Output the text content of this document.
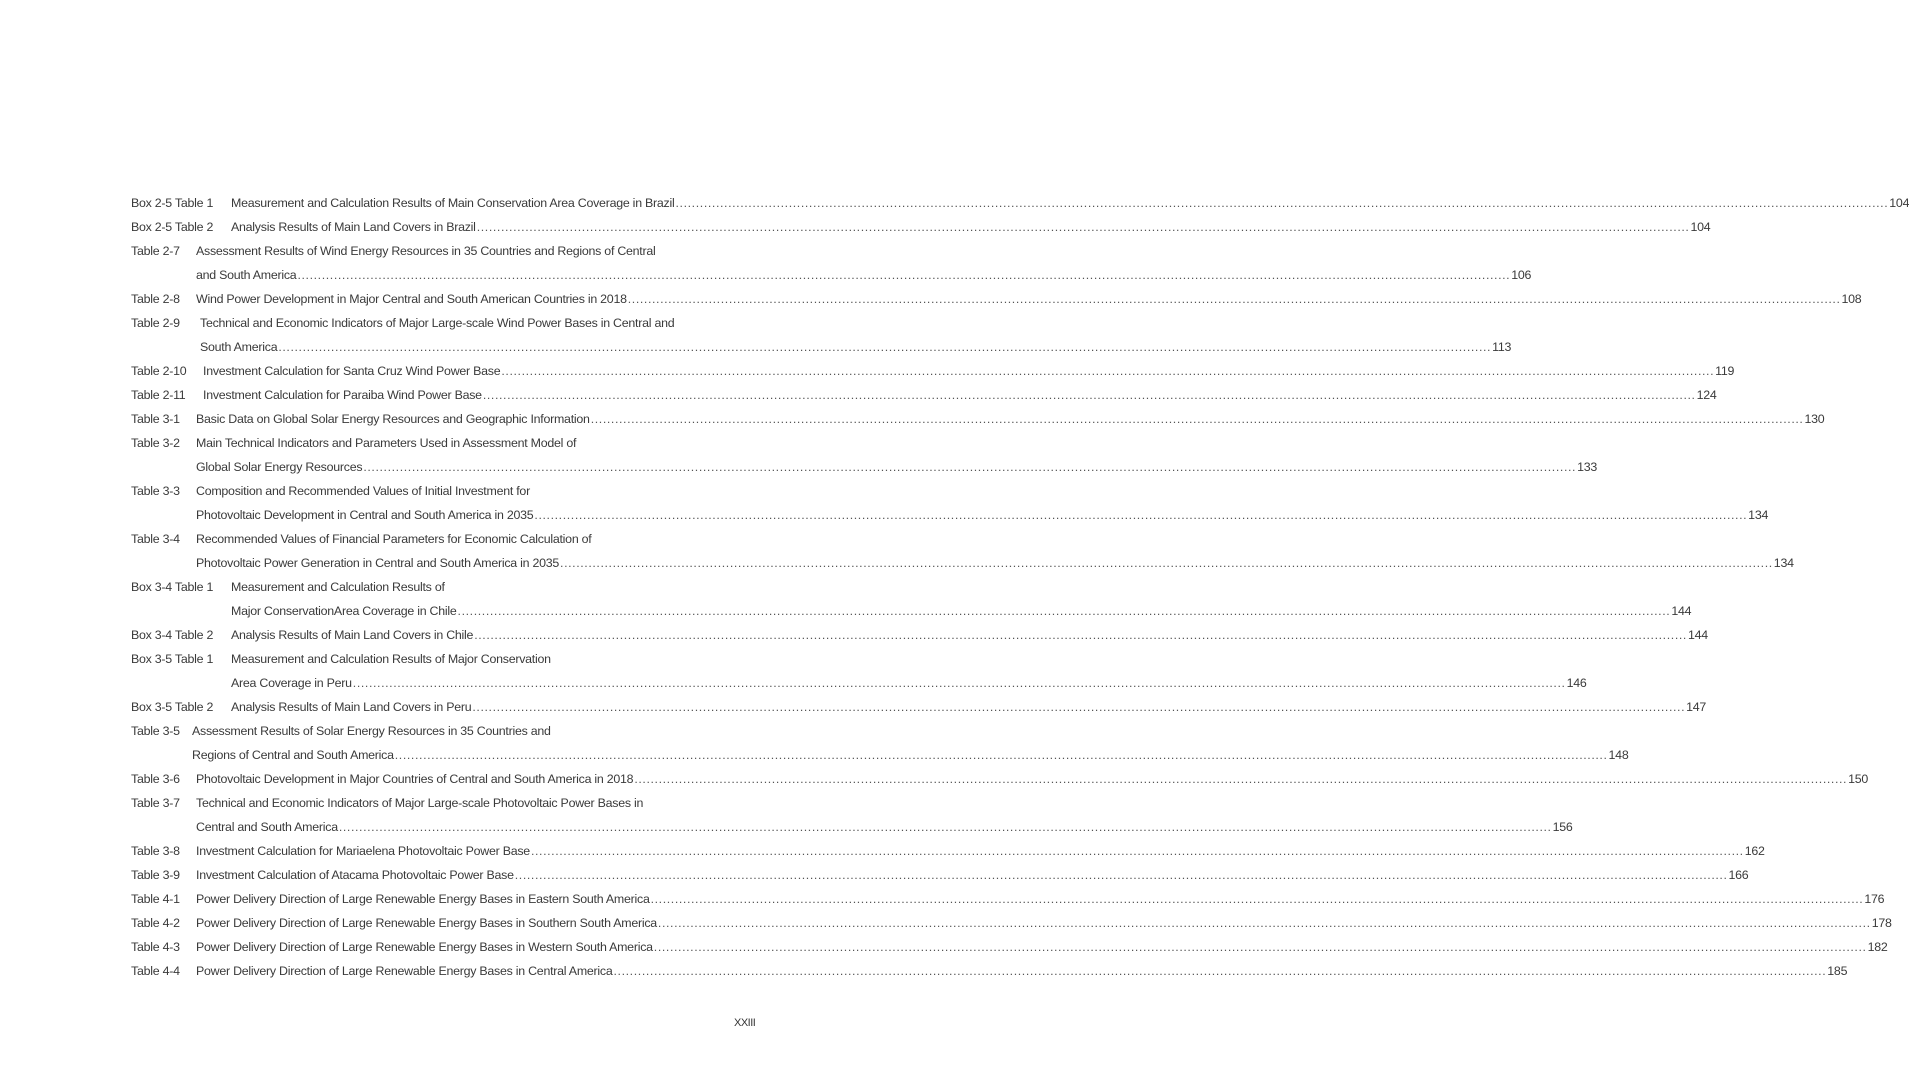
Box 2-5 Table 1	Measurement and Calculation Results of Main Conservation Area Coverage in Brazil ............................................................................................................................................................................................................................................................................................................ 104
Box 2-5 Table 2	Analysis Results of Main Land Covers in Brazil ............................................................................................................................................................................................................................................................................................................ 104
Table 2-7	Assessment Results of Wind Energy Resources in 35 Countries and Regions of Central
and South America ............................................................................................................................................................................................................................................................................................................ 106
Table 2-8	Wind Power Development in Major Central and South American Countries in 2018 ............................................................................................................................................................................................................................................................................................................ 108
Table 2-9	Technical and Economic Indicators of Major Large-scale Wind Power Bases in Central and
South America ............................................................................................................................................................................................................................................................................................................ 113
Table 2-10	Investment Calculation for Santa Cruz Wind Power Base ............................................................................................................................................................................................................................................................................................................ 119
Table 2-11	Investment Calculation for Paraiba Wind Power Base ............................................................................................................................................................................................................................................................................................................ 124
Table 3-1	Basic Data on Global Solar Energy Resources and Geographic Information ............................................................................................................................................................................................................................................................................................................ 130
Table 3-2	Main Technical Indicators and Parameters Used in Assessment Model of
Global Solar Energy Resources ............................................................................................................................................................................................................................................................................................................ 133
Table 3-3	Composition and Recommended Values of Initial Investment for
Photovoltaic Development in Central and South America in 2035 ............................................................................................................................................................................................................................................................................................................ 134
Table 3-4	Recommended Values of Financial Parameters for Economic Calculation of
Photovoltaic Power Generation in Central and South America in 2035 ............................................................................................................................................................................................................................................................................................................ 134
Box 3-4 Table 1	Measurement and Calculation Results of
Major ConservationArea Coverage in Chile ............................................................................................................................................................................................................................................................................................................ 144
Box 3-4 Table 2	Analysis Results of Main Land Covers in Chile ............................................................................................................................................................................................................................................................................................................ 144
Box 3-5 Table 1	Measurement and Calculation Results of Major Conservation
Area Coverage in Peru ............................................................................................................................................................................................................................................................................................................ 146
Box 3-5 Table 2	Analysis Results of Main Land Covers in Peru ............................................................................................................................................................................................................................................................................................................ 147
Table 3-5 Assessment Results of Solar Energy Resources in 35 Countries and
Regions of Central and South America ............................................................................................................................................................................................................................................................................................................ 148
Table 3-6	Photovoltaic Development in Major Countries of Central and South America in 2018 ............................................................................................................................................................................................................................................................................................................ 150
Table 3-7	Technical and Economic Indicators of Major Large-scale Photovoltaic Power Bases in
Central and South America ............................................................................................................................................................................................................................................................................................................ 156
Table 3-8	Investment Calculation for Mariaelena Photovoltaic Power Base ............................................................................................................................................................................................................................................................................................................ 162
Table 3-9	Investment Calculation of Atacama Photovoltaic Power Base ............................................................................................................................................................................................................................................................................................................ 166
Table 4-1	Power Delivery Direction of Large Renewable Energy Bases in Eastern South America ............................................................................................................................................................................................................................................................................................................ 176
Table 4-2	Power Delivery Direction of Large Renewable Energy Bases in Southern South America ............................................................................................................................................................................................................................................................................................................ 178
Table 4-3	Power Delivery Direction of Large Renewable Energy Bases in Western South America ............................................................................................................................................................................................................................................................................................................ 182
Table 4-4	Power Delivery Direction of Large Renewable Energy Bases in Central America ............................................................................................................................................................................................................................................................................................................ 185
XXIII
